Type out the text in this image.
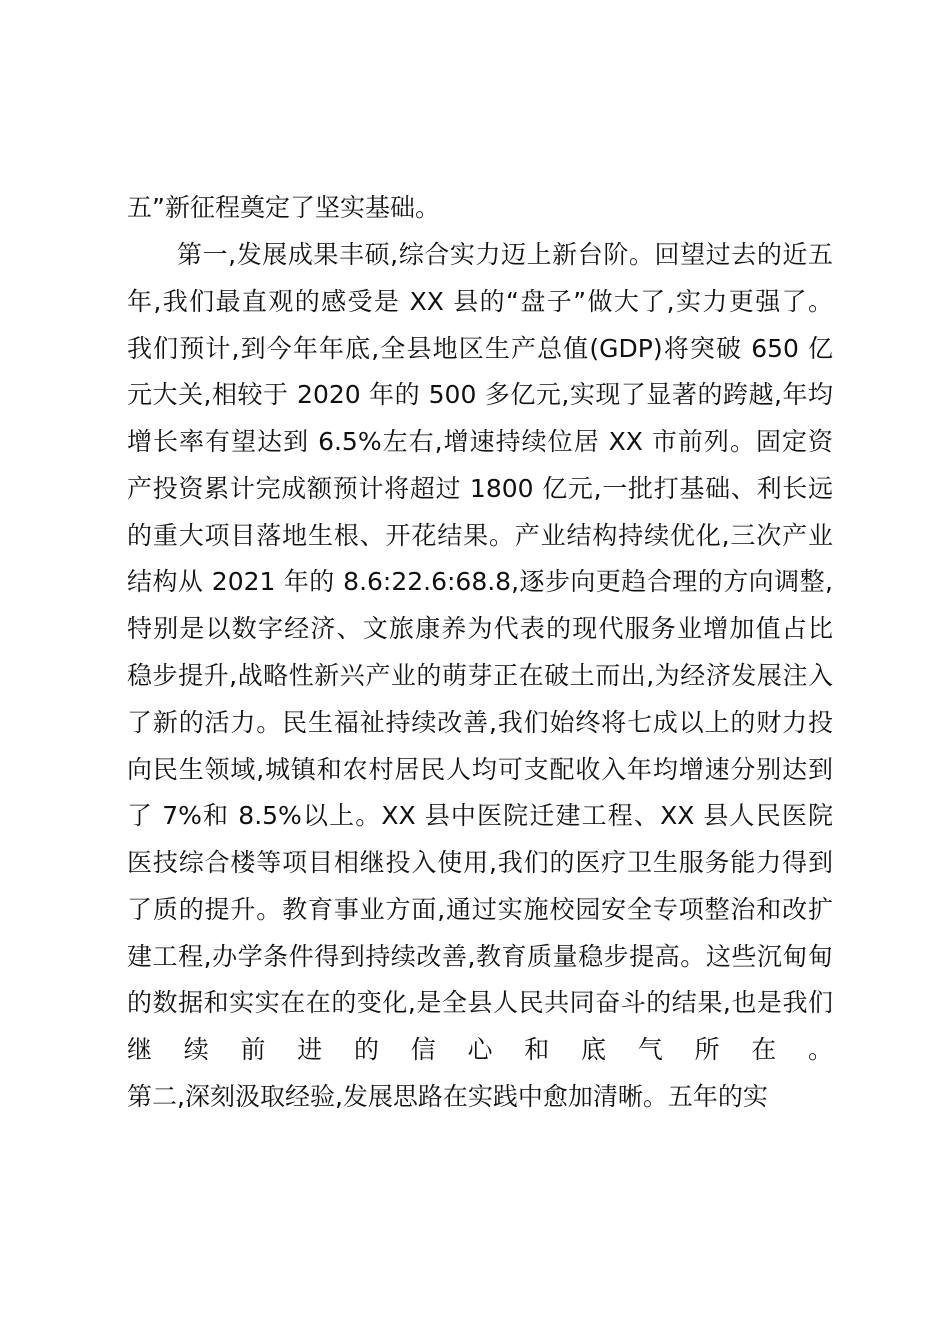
五”新征程奠定了坚实基础。
第一,发展成果丰硕,综合实力迈上新台阶。回望过去的近五
年,我们最直观的感受是 XX 县的“盘子”做大了,实力更强了。
我们预计,到今年年底,全县地区生产总值(GDP)将突破 650 亿
元大关,相较于 2020 年的 500 多亿元,实现了显著的跨越,年均
增长率有望达到 6.5%左右,增速持续位居 XX 市前列。固定资
产投资累计完成额预计将超过 1800 亿元,一批打基础、利长远
的重大项目落地生根、开花结果。产业结构持续优化,三次产业
结构从 2021 年的 8.6:22.6:68.8,逐步向更趋合理的方向调整,
特别是以数字经济、文旅康养为代表的现代服务业增加值占比
稳步提升,战略性新兴产业的萌芽正在破土而出,为经济发展注入
了新的活力。民生福祉持续改善,我们始终将七成以上的财力投
向民生领域,城镇和农村居民人均可支配收入年均增速分别达到
了 7%和 8.5%以上。XX 县中医院迁建工程、XX 县人民医院
医技综合楼等项目相继投入使用,我们的医疗卫生服务能力得到
了质的提升。教育事业方面,通过实施校园安全专项整治和改扩
建工程,办学条件得到持续改善,教育质量稳步提高。这些沉甸甸
的数据和实实在在的变化,是全县人民共同奋斗的结果,也是我们
继续前进的信心和底气所在。
第二,深刻汲取经验,发展思路在实践中愈加清晰。五年的实
